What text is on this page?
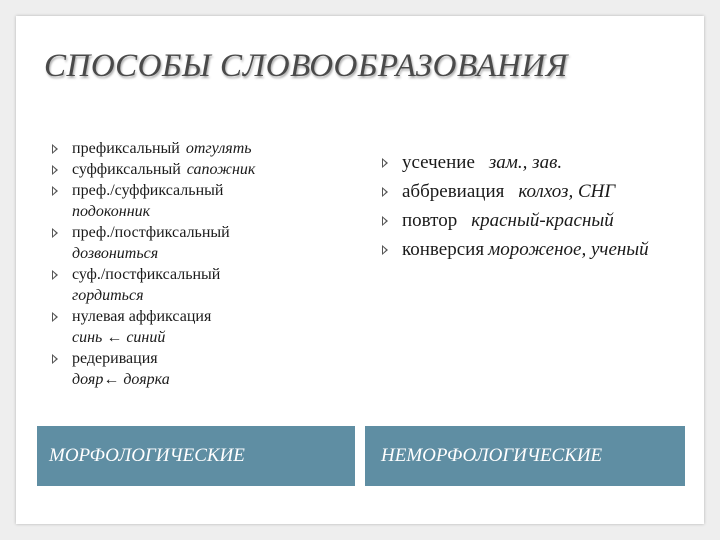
СПОСОБЫ СЛОВООБРАЗОВАНИЯ
префиксальный отгулять
суффиксальный сапожник
преф./суффиксальный
подоконник
преф./постфиксальный
дозвониться
суф./постфиксальный
гордиться
нулевая аффиксация
синь ← синий
редеривация
дояр← доярка
усечение зам., зав.
аббревиация колхоз, СНГ
повтор красный-красный
конверсия мороженое, ученый
МОРФОЛОГИЧЕСКИЕ	НЕМОРФОЛОГИЧЕСКИЕ
